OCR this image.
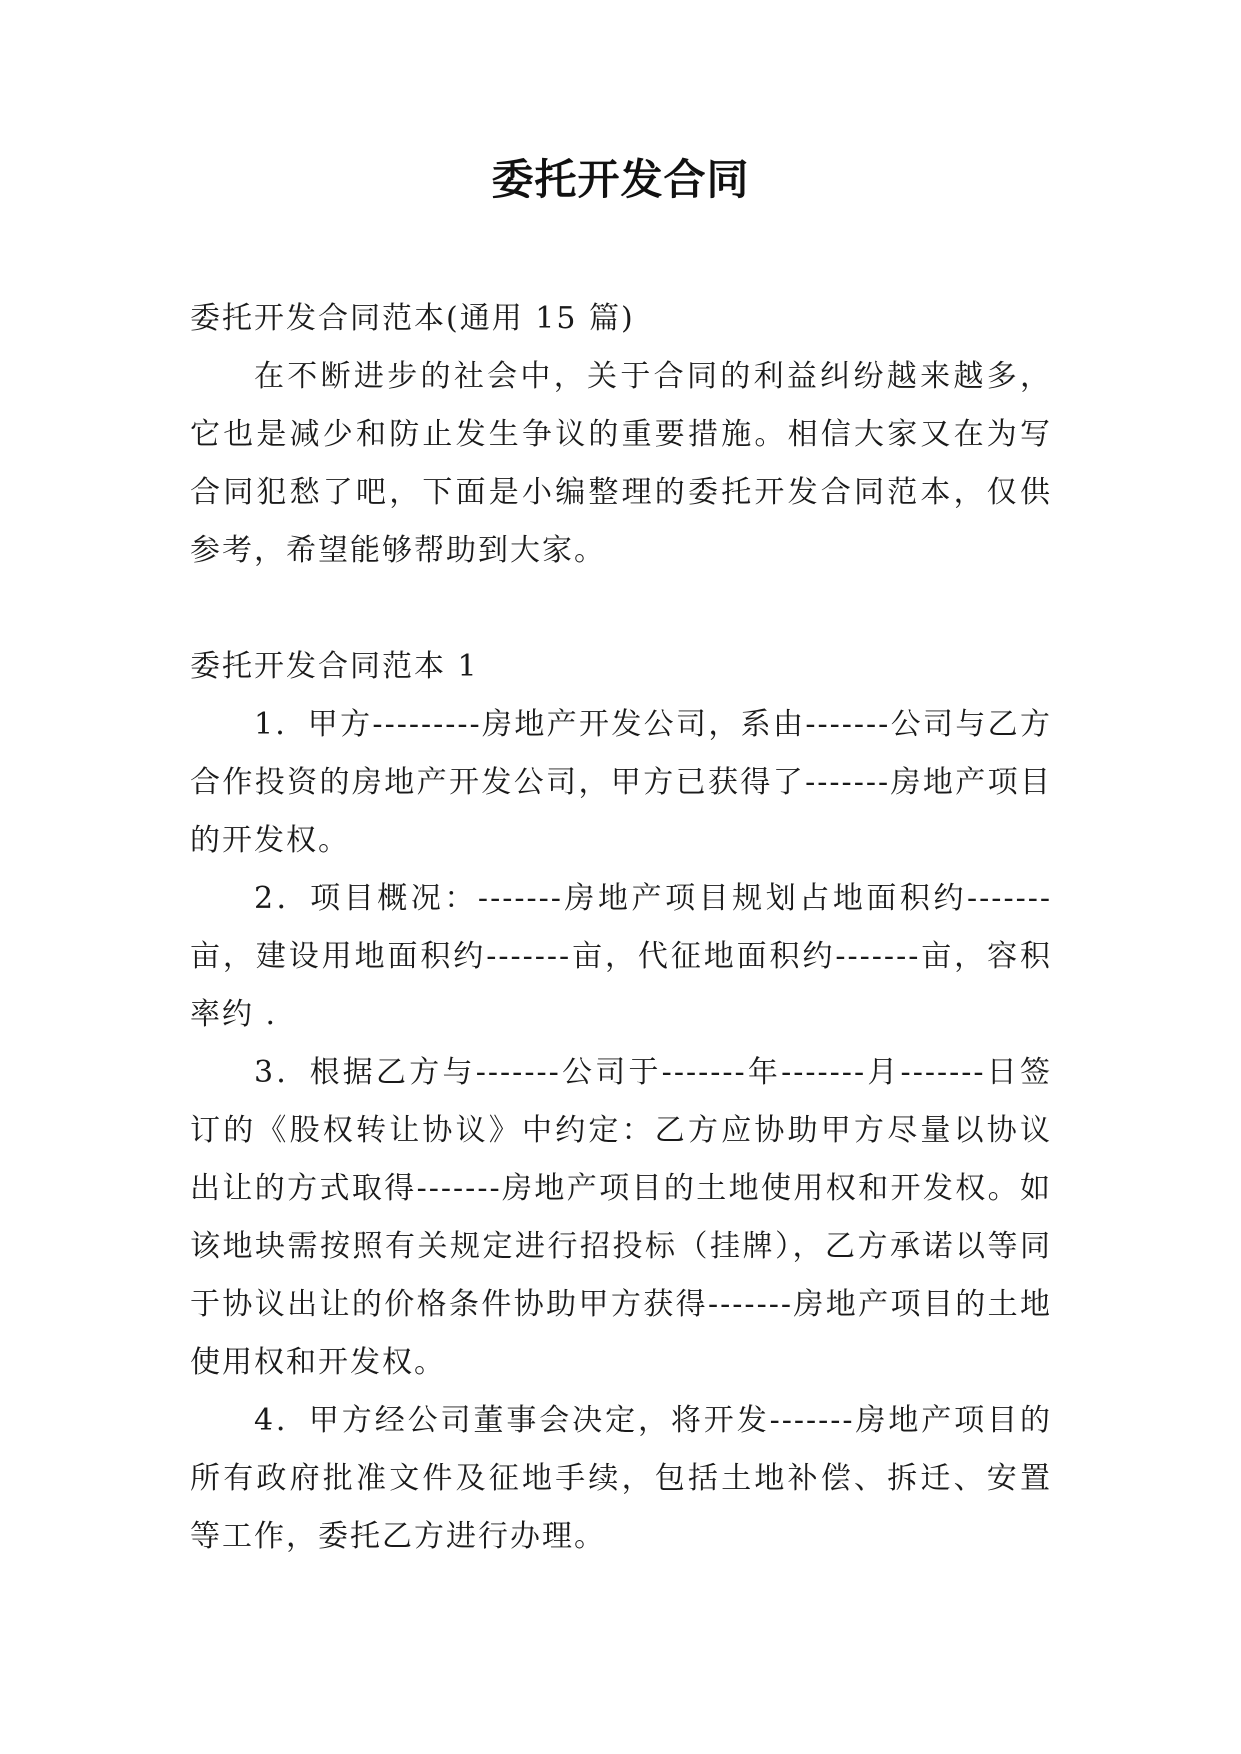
委托开发合同

委托开发合同范本(通用 15 篇)

在不断进步的社会中，关于合同的利益纠纷越来越多，它也是减少和防止发生争议的重要措施。相信大家又在为写合同犯愁了吧，下面是小编整理的委托开发合同范本，仅供参考，希望能够帮助到大家。

委托开发合同范本 1

1．甲方---------房地产开发公司，系由-------公司与乙方合作投资的房地产开发公司，甲方已获得了-------房地产项目的开发权。

2．项目概况：-------房地产项目规划占地面积约-------亩，建设用地面积约-------亩，代征地面积约-------亩，容积率约 .

3．根据乙方与-------公司于-------年-------月-------日签订的《股权转让协议》中约定：乙方应协助甲方尽量以协议出让的方式取得-------房地产项目的土地使用权和开发权。如该地块需按照有关规定进行招投标（挂牌），乙方承诺以等同于协议出让的价格条件协助甲方获得-------房地产项目的土地使用权和开发权。

4．甲方经公司董事会决定，将开发-------房地产项目的所有政府批准文件及征地手续，包括土地补偿、拆迁、安置等工作，委托乙方进行办理。
